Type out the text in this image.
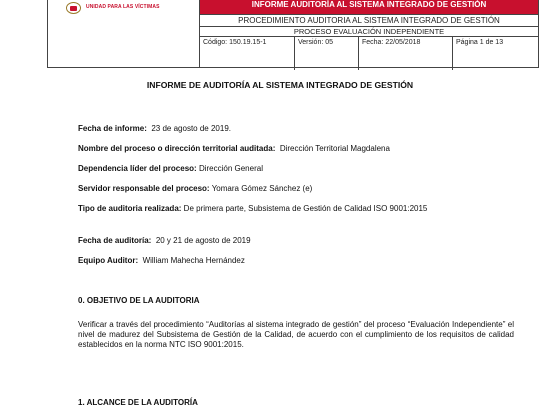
UNIDAD PARA LAS VÍCTIMAS	INFORME AUDITORÍA AL SISTEMA INTEGRADO DE GESTIÓN
PROCEDIMIENTO AUDITORIA AL SISTEMA INTEGRADO DE GESTIÓN
PROCESO EVALUACIÓN INDEPENDIENTE
Código: 150.19.15-1	Versión: 05	Fecha: 22/05/2018	Página 1 de 13
INFORME DE AUDITORÍA AL SISTEMA INTEGRADO DE GESTIÓN
Fecha de informe: 23 de agosto de 2019.
Nombre del proceso o dirección territorial auditada: Dirección Territorial Magdalena
Dependencia líder del proceso: Dirección General
Servidor responsable del proceso: Yomara Gómez Sánchez (e)
Tipo de auditoria realizada: De primera parte, Subsistema de Gestión de Calidad ISO 9001:2015
Fecha de auditoría: 20 y 21 de agosto de 2019
Equipo Auditor: William Mahecha Hernández
0. OBJETIVO DE LA AUDITORIA
Verificar a través del procedimiento “Auditorías al sistema integrado de gestión” del proceso “Evaluación Independiente” el nivel de madurez del Subsistema de Gestión de la Calidad, de acuerdo con el cumplimiento de los requisitos de calidad establecidos en la norma NTC ISO 9001:2015.
1. ALCANCE DE LA AUDITORÍA
